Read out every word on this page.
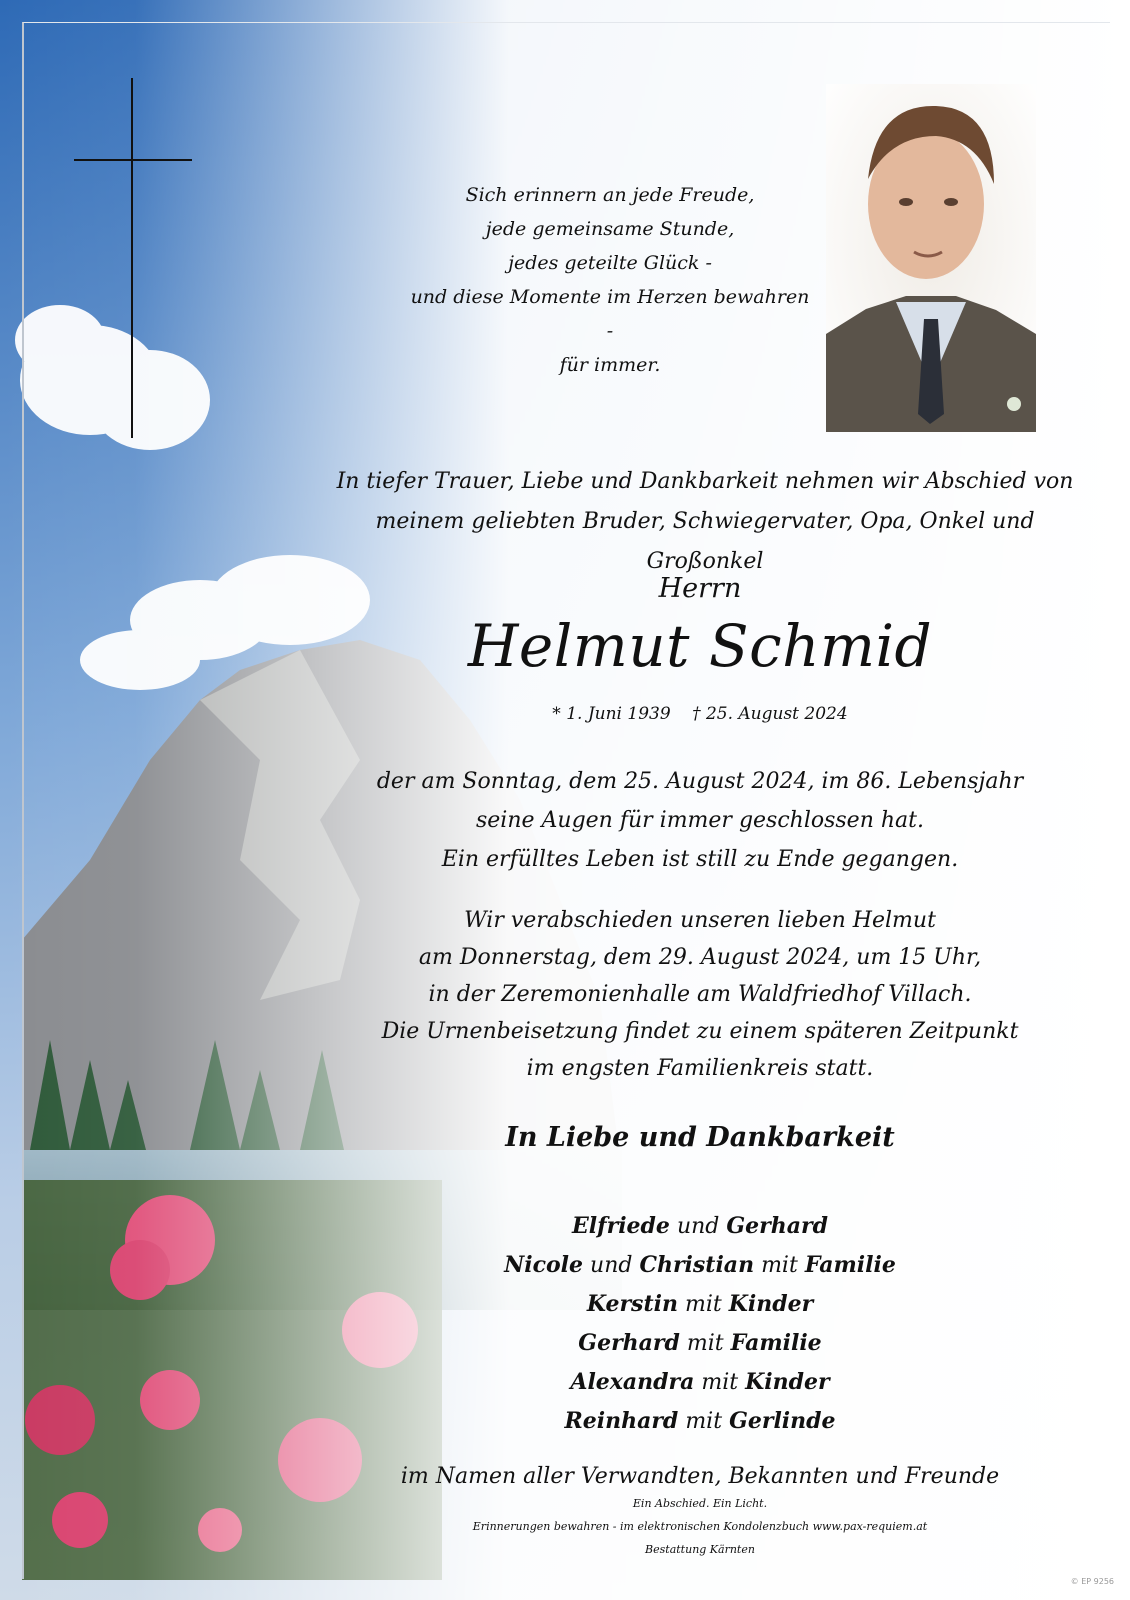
Sich erinnern an jede Freude,
jede gemeinsame Stunde,
jedes geteilte Glück -
und diese Momente im Herzen bewahren -
für immer.
In tiefer Trauer, Liebe und Dankbarkeit nehmen wir Abschied von
meinem geliebten Bruder, Schwiegervater, Opa, Onkel und Großonkel
Herrn
Helmut Schmid
* 1. Juni 1939 † 25. August 2024
der am Sonntag, dem 25. August 2024, im 86. Lebensjahr
seine Augen für immer geschlossen hat.
Ein erfülltes Leben ist still zu Ende gegangen.
Wir verabschieden unseren lieben Helmut
am Donnerstag, dem 29. August 2024, um 15 Uhr,
in der Zeremonienhalle am Waldfriedhof Villach.
Die Urnenbeisetzung findet zu einem späteren Zeitpunkt
im engsten Familienkreis statt.
In Liebe und Dankbarkeit
Elfriede und Gerhard
Nicole und Christian mit Familie
Kerstin mit Kinder
Gerhard mit Familie
Alexandra mit Kinder
Reinhard mit Gerlinde
im Namen aller Verwandten, Bekannten und Freunde
Ein Abschied. Ein Licht.
Erinnerungen bewahren - im elektronischen Kondolenzbuch www.pax-requiem.at
Bestattung Kärnten
© EP 9256
